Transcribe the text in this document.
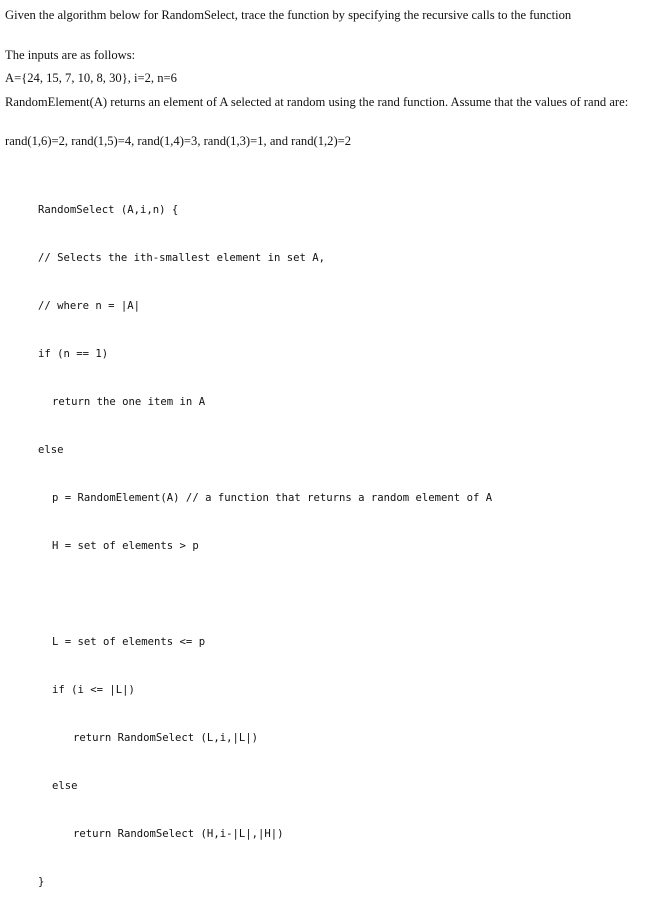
Given the algorithm below for RandomSelect, trace the function by specifying the recursive calls to the function
The inputs are as follows:
A={24, 15, 7, 10, 8, 30}, i=2, n=6
RandomElement(A) returns an element of A selected at random using the rand function. Assume that the values of rand are:
rand(1,6)=2, rand(1,5)=4, rand(1,4)=3, rand(1,3)=1, and rand(1,2)=2

RandomSelect (A,i,n) {

// Selects the ith-smallest element in set A,

// where n = |A|

if (n == 1)

return the one item in A

else

p = RandomElement(A) // a function that returns a random element of A

H = set of elements > p

L = set of elements <= p

if (i <= |L|)

return RandomSelect (L,i,|L|)

else

return RandomSelect (H,i-|L|,|H|)

}
